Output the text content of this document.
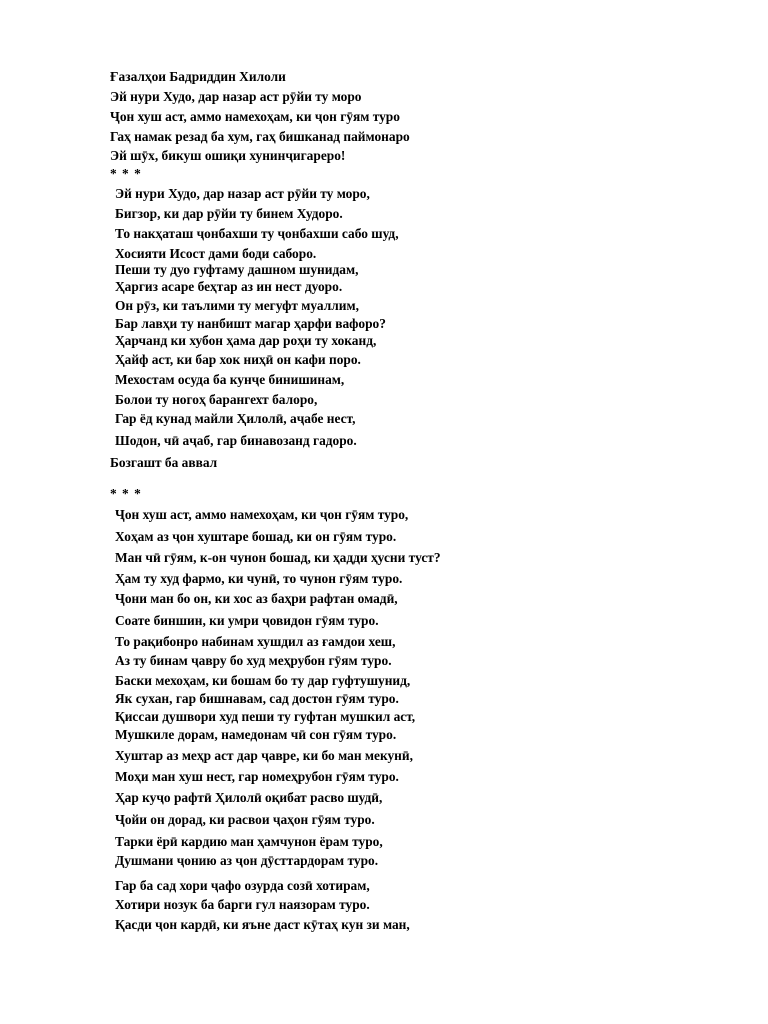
Ғазалҳои Бадриддин Хилоли
Эй нури Худо, дар назар аст рӯйи ту моро
Ҷон хуш аст, аммо намехоҳам, ки ҷон гӯям туро
Гаҳ намак резад ба хум, гаҳ бишканад паймонаро
Эй шӯх, бикуш ошиқи хунинҷигареро!
* * *
Эй нури Худо, дар назар аст рӯйи ту моро,
Бигзор, ки дар рӯйи ту бинем Худоро.
То накҳаташ ҷонбахши ту ҷонбахши сабо шуд,
Хосияти Исост дами боди саборо.
Пеши ту дуо гуфтаму дашном шунидам,
Ҳаргиз асаре беҳтар аз ин нест дуоро.
Он рӯз, ки таълими ту мегуфт муаллим,
Бар лавҳи ту нанбишт магар ҳарфи вафоро?
Ҳарчанд ки хубон ҳама дар роҳи ту хоканд,
Ҳайф аст, ки бар хок ниҳӣ он кафи поро.
Мехостам осуда ба кунҷе бинишинам,
Болои ту ногоҳ барангехт балоро,
Гар ёд кунад майли Ҳилолӣ, аҷабе нест,
Шодон, чӣ аҷаб, гар бинавозанд гадоро.
Бозгашт ба аввал
* * *
Ҷон хуш аст, аммо намехоҳам, ки ҷон гӯям туро,
Хоҳам аз ҷон хуштаре бошад, ки он гӯям туро.
Ман чӣ гӯям, к-он чунон бошад, ки ҳадди ҳусни туст?
Ҳам ту худ фармо, ки чунӣ, то чунон гӯям туро.
Ҷони ман бо он, ки хос аз баҳри рафтан омадӣ,
Соате биншин, ки умри ҷовидон гӯям туро.
То рақибонро набинам хушдил аз ғамдои хеш,
Аз ту бинам ҷавру бо худ меҳрубон гӯям туро.
Баски мехоҳам, ки бошам бо ту дар гуфтушунид,
Як сухан, гар бишнавам, сад достон гӯям туро.
Қиссаи душвори худ пеши ту гуфтан мушкил аст,
Мушкиле дорам, намедонам чӣ сон гӯям туро.
Хуштар аз меҳр аст дар ҷавре, ки бо ман мекунӣ,
Моҳи ман хуш нест, гар номеҳрубон гӯям туро.
Ҳар куҷо рафтӣ Ҳилолӣ оқибат расво шудӣ,
Ҷойи он дорад, ки расвои ҷаҳон гӯям туро.
Тарки ёрӣ кардию ман ҳамчунон ёрам туро,
Душмани ҷонию аз ҷон дӯсттардорам туро.
Гар ба сад хори ҷафо озурда созӣ хотирам,
Хотири нозук ба барги гул наязорам туро.
Қасди ҷон кардӣ, ки яъне даст кӯтаҳ кун зи ман,
